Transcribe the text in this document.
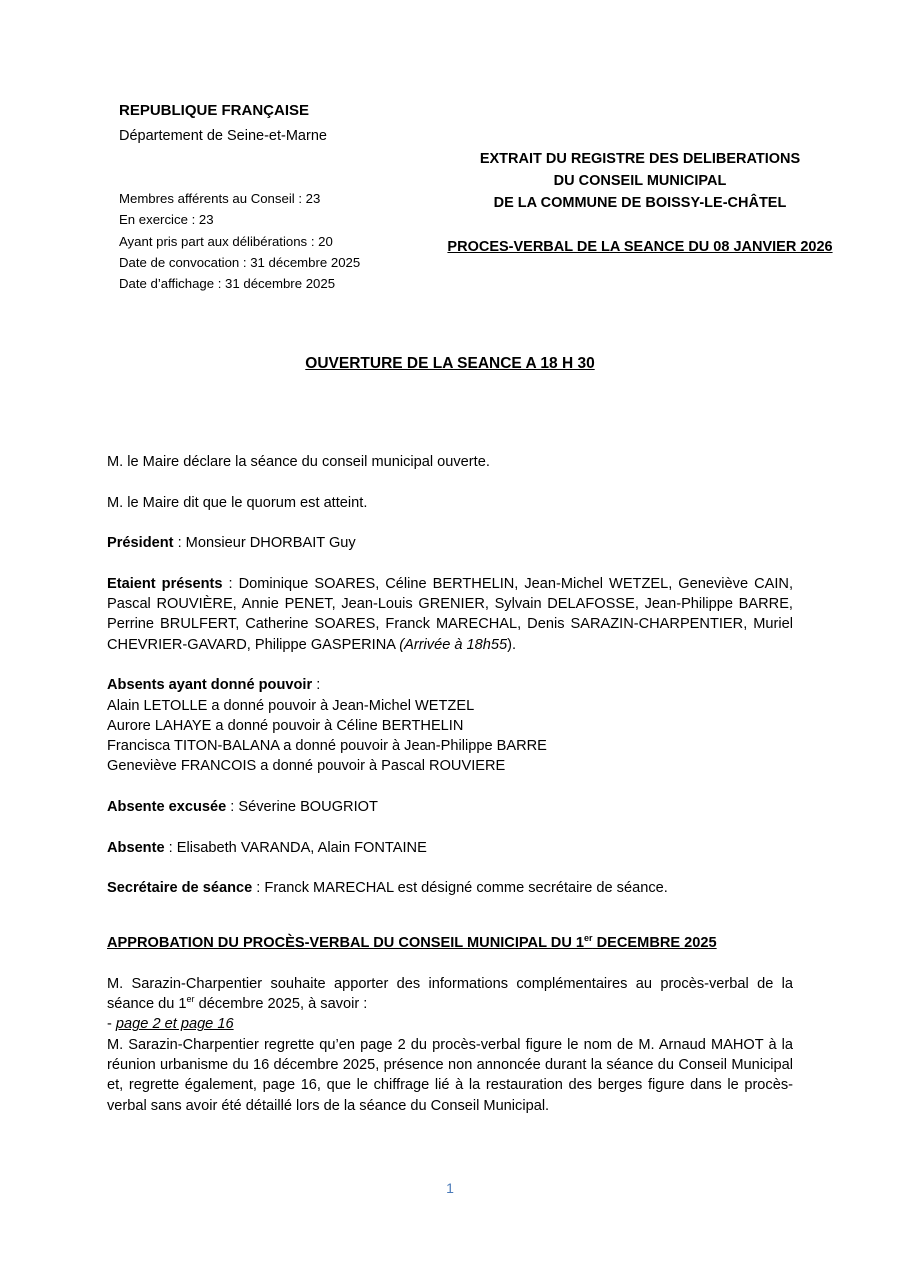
REPUBLIQUE FRANÇAISE
Département de Seine-et-Marne
Membres afférents au Conseil : 23
En exercice : 23
Ayant pris part aux délibérations : 20
Date de convocation : 31 décembre 2025
Date d’affichage : 31 décembre 2025
EXTRAIT DU REGISTRE DES DELIBERATIONS
DU CONSEIL MUNICIPAL
DE LA COMMUNE DE BOISSY-LE-CHÂTEL
PROCES-VERBAL DE LA SEANCE DU 08 JANVIER 2026
OUVERTURE DE LA SEANCE A 18 H 30

M. le Maire déclare la séance du conseil municipal ouverte.

M. le Maire dit que le quorum est atteint.

Président : Monsieur DHORBAIT Guy

Etaient présents : Dominique SOARES, Céline BERTHELIN, Jean-Michel WETZEL, Geneviève CAIN, Pascal ROUVIÈRE, Annie PENET, Jean-Louis GRENIER, Sylvain DELAFOSSE, Jean-Philippe BARRE, Perrine BRULFERT, Catherine SOARES, Franck MARECHAL, Denis SARAZIN-CHARPENTIER, Muriel CHEVRIER-GAVARD, Philippe GASPERINA (Arrivée à 18h55).

Absents ayant donné pouvoir :
Alain LETOLLE a donné pouvoir à Jean-Michel WETZEL
Aurore LAHAYE a donné pouvoir à Céline BERTHELIN
Francisca TITON-BALANA a donné pouvoir à Jean-Philippe BARRE
Geneviève FRANCOIS a donné pouvoir à Pascal ROUVIERE

Absente excusée : Séverine BOUGRIOT

Absente : Elisabeth VARANDA, Alain FONTAINE

Secrétaire de séance : Franck MARECHAL est désigné comme secrétaire de séance.

APPROBATION DU PROCÈS-VERBAL DU CONSEIL MUNICIPAL DU 1er DECEMBRE 2025
M. Sarazin-Charpentier souhaite apporter des informations complémentaires au procès-verbal de la séance du 1er décembre 2025, à savoir :
- page 2 et page 16
M. Sarazin-Charpentier regrette qu’en page 2 du procès-verbal figure le nom de M. Arnaud MAHOT à la réunion urbanisme du 16 décembre 2025, présence non annoncée durant la séance du Conseil Municipal et, regrette également, page 16, que le chiffrage lié à la restauration des berges figure dans le procès-verbal sans avoir été détaillé lors de la séance du Conseil Municipal.
1
